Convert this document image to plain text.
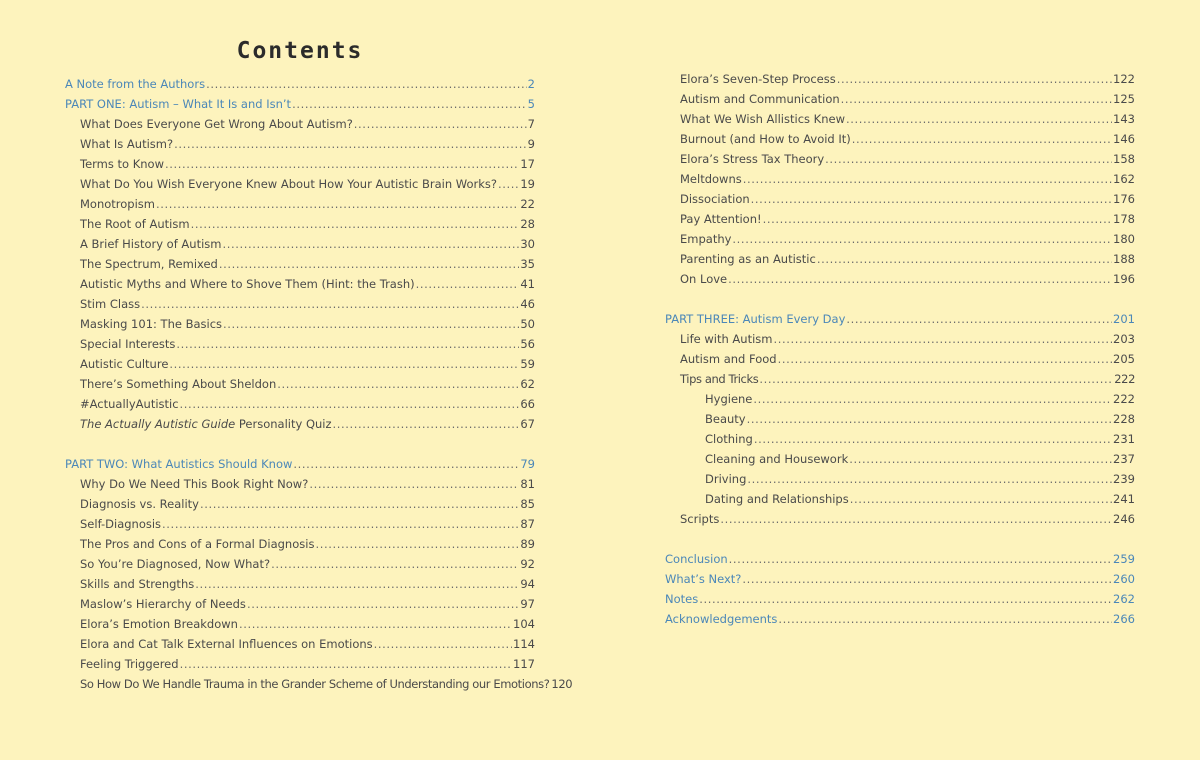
Contents
A Note from the Authors .....	2
PART ONE: Autism – What It Is and Isn’t .....	5
What Does Everyone Get Wrong About Autism? .....	7
What Is Autism? .....	9
Terms to Know .....	17
What Do You Wish Everyone Knew About How Your Autistic Brain Works? ..... 19
Monotropism .....	22
The Root of Autism .....	28
A Brief History of Autism .....	30
The Spectrum, Remixed .....	35
Autistic Myths and Where to Shove Them (Hint: the Trash) .....	41
Stim Class .....	46
Masking 101: The Basics .....	50
Special Interests .....	56
Autistic Culture .....	59
There’s Something About Sheldon .....	62
#ActuallyAutistic .....	66
The Actually Autistic Guide Personality Quiz .....	67
PART TWO: What Autistics Should Know .....	79
Why Do We Need This Book Right Now? .....	81
Diagnosis vs. Reality .....	85
Self-Diagnosis .....	87
The Pros and Cons of a Formal Diagnosis .....	89
So You’re Diagnosed, Now What? .....	92
Skills and Strengths .....	94
Maslow’s Hierarchy of Needs .....	97
Elora’s Emotion Breakdown .....	104
Elora and Cat Talk External Influences on Emotions .....	114
Feeling Triggered .....	117
So How Do We Handle Trauma in the Grander Scheme of Understanding our Emotions? 120
Elora’s Seven-Step Process .....	122
Autism and Communication .....	125
What We Wish Allistics Knew .....	143
Burnout (and How to Avoid It) .....	146
Elora’s Stress Tax Theory .....	158
Meltdowns .....	162
Dissociation .....	176
Pay Attention! .....	178
Empathy .....	180
Parenting as an Autistic .....	188
On Love .....	196
PART THREE: Autism Every Day .....	201
Life with Autism .....	203
Autism and Food .....	205
Tips and Tricks .....	222
Hygiene .....	222
Beauty .....	228
Clothing .....	231
Cleaning and Housework .....	237
Driving .....	239
Dating and Relationships .....	241
Scripts .....	246
Conclusion .....	259
What’s Next? .....	260
Notes .....	262
Acknowledgements .....	266
